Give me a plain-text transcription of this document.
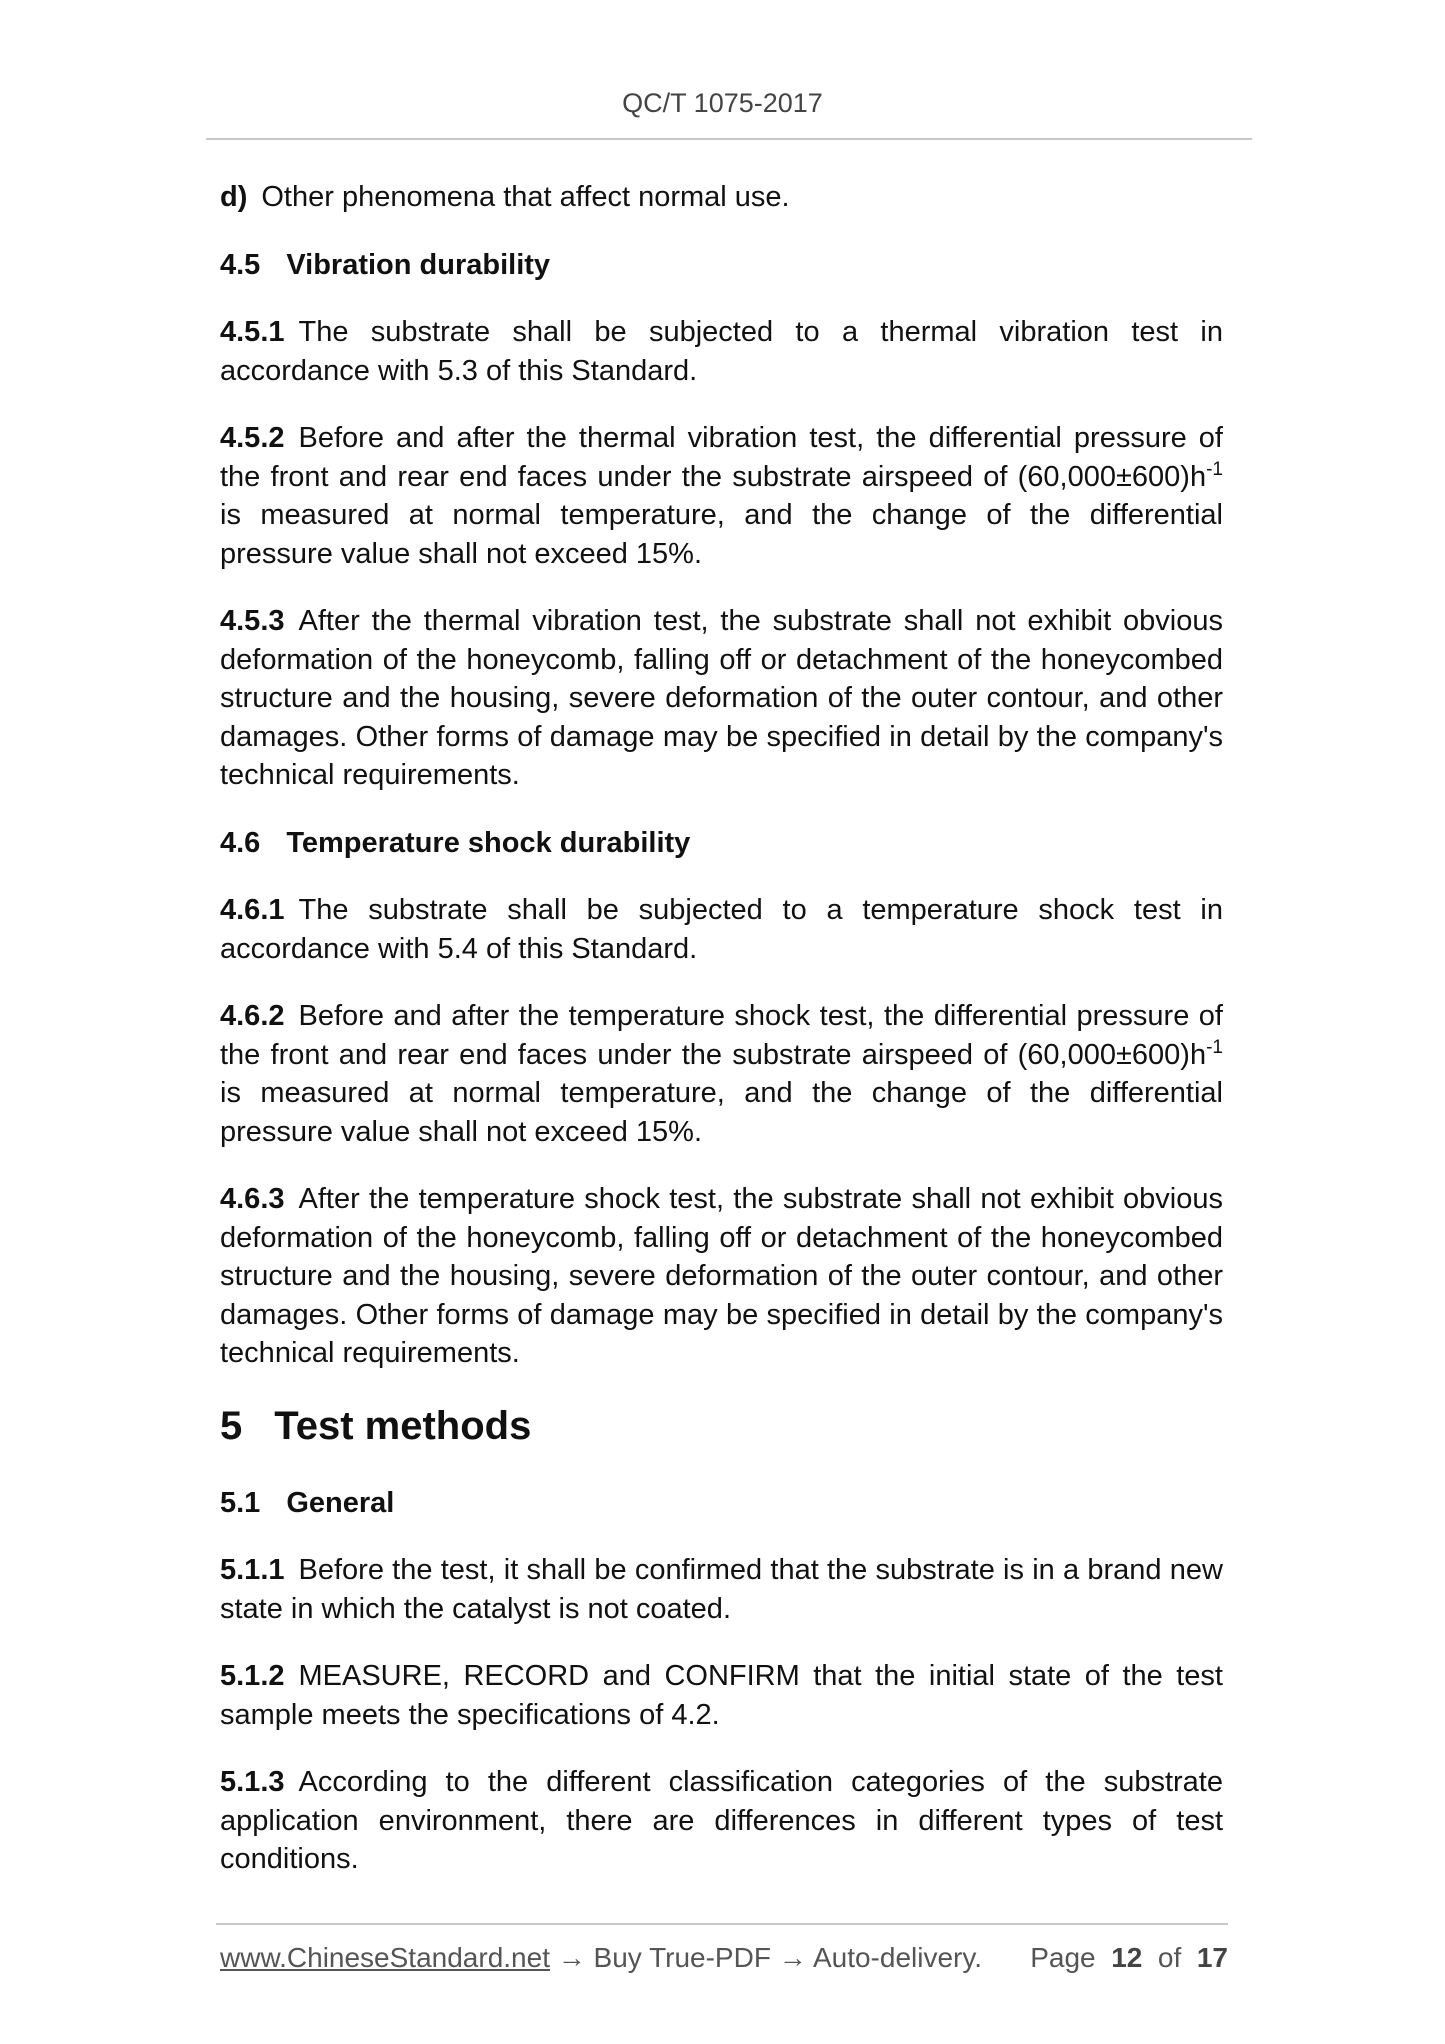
QC/T 1075-2017
d) Other phenomena that affect normal use.
4.5 Vibration durability
4.5.1 The substrate shall be subjected to a thermal vibration test in accordance with 5.3 of this Standard.
4.5.2 Before and after the thermal vibration test, the differential pressure of the front and rear end faces under the substrate airspeed of $(60,000\pm 600)h^{-1}$ is measured at normal temperature, and the change of the differential pressure value shall not exceed 15%.
4.5.3 After the thermal vibration test, the substrate shall not exhibit obvious deformation of the honeycomb, falling off or detachment of the honeycombed structure and the housing, severe deformation of the outer contour, and other damages. Other forms of damage may be specified in detail by the company's technical requirements.
4.6 Temperature shock durability
4.6.1 The substrate shall be subjected to a temperature shock test in accordance with 5.4 of this Standard.
4.6.2 Before and after the temperature shock test, the differential pressure of the front and rear end faces under the substrate airspeed of $(60,000\pm 600)h^{-1}$ is measured at normal temperature, and the change of the differential pressure value shall not exceed 15%.
4.6.3 After the temperature shock test, the substrate shall not exhibit obvious deformation of the honeycomb, falling off or detachment of the honeycombed structure and the housing, severe deformation of the outer contour, and other damages. Other forms of damage may be specified in detail by the company's technical requirements.
5 Test methods
5.1 General
5.1.1 Before the test, it shall be confirmed that the substrate is in a brand new state in which the catalyst is not coated.
5.1.2 MEASURE, RECORD and CONFIRM that the initial state of the test sample meets the specifications of 4.2.
5.1.3 According to the different classification categories of the substrate application environment, there are differences in different types of test conditions.
www.ChineseStandard.net → Buy True-PDF → Auto-delivery. Page 12 of 17
